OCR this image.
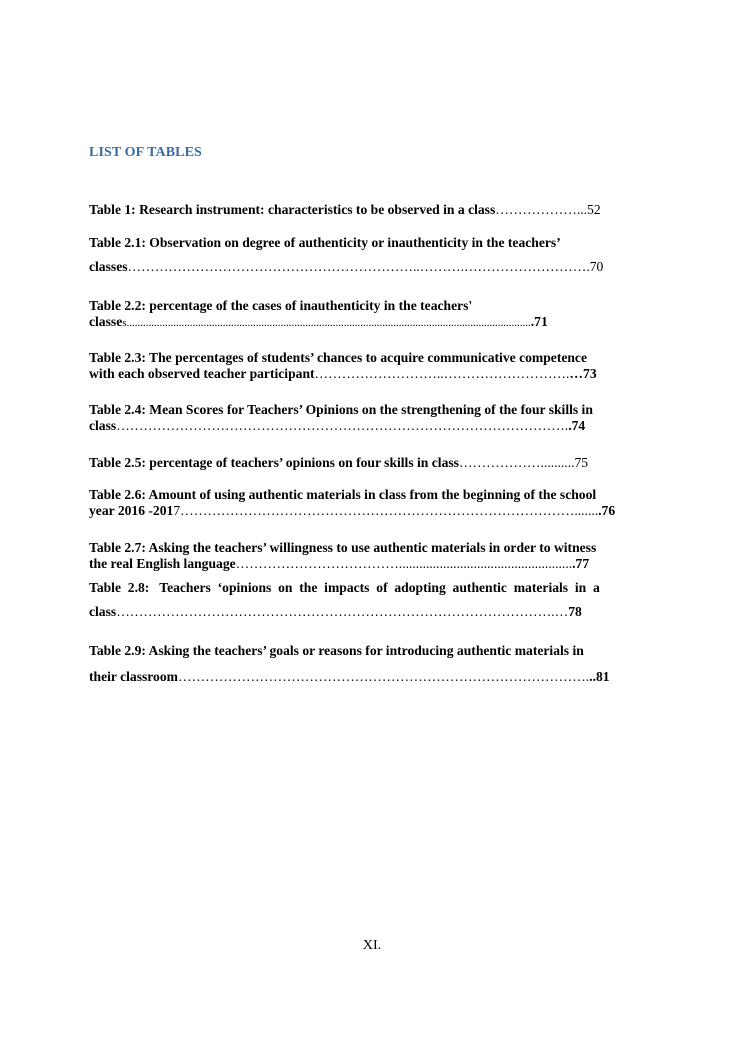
LIST OF TABLES
Table 1: Research instrument: characteristics to be observed in a class………………...52
Table 2.1: Observation on degree of authenticity or inauthenticity in the teachers’
classes………………………………………………………..……….……………………….70
Table 2.2: percentage of the cases of inauthenticity in the teachers'
classes....................................................................................................................................................71
Table 2.3: The percentages of students’ chances to acquire communicative competence
with each observed teacher participant………………………..……………………….…73
Table 2.4: Mean Scores for Teachers’ Opinions on the strengthening of the four skills in
class………………………………………………………………………………………..74
Table 2.5: percentage of teachers’ opinions on four skills in class………………..........75
Table 2.6: Amount of using authentic materials in class from the beginning of the school
year 2016 -2017……………………………………………………………………………........76
Table 2.7: Asking the teachers’ willingness to use authentic materials in order to witness
the real English language………………………………....................................................77
Table  2.8:   Teachers  ‘opinions  on  the  impacts  of  adopting  authentic  materials  in  a
class…………………………………………………………………………………….…78
Table 2.9: Asking the teachers’ goals or reasons for introducing authentic materials in
their classroom………………………………………………………………………………...81
XI.
